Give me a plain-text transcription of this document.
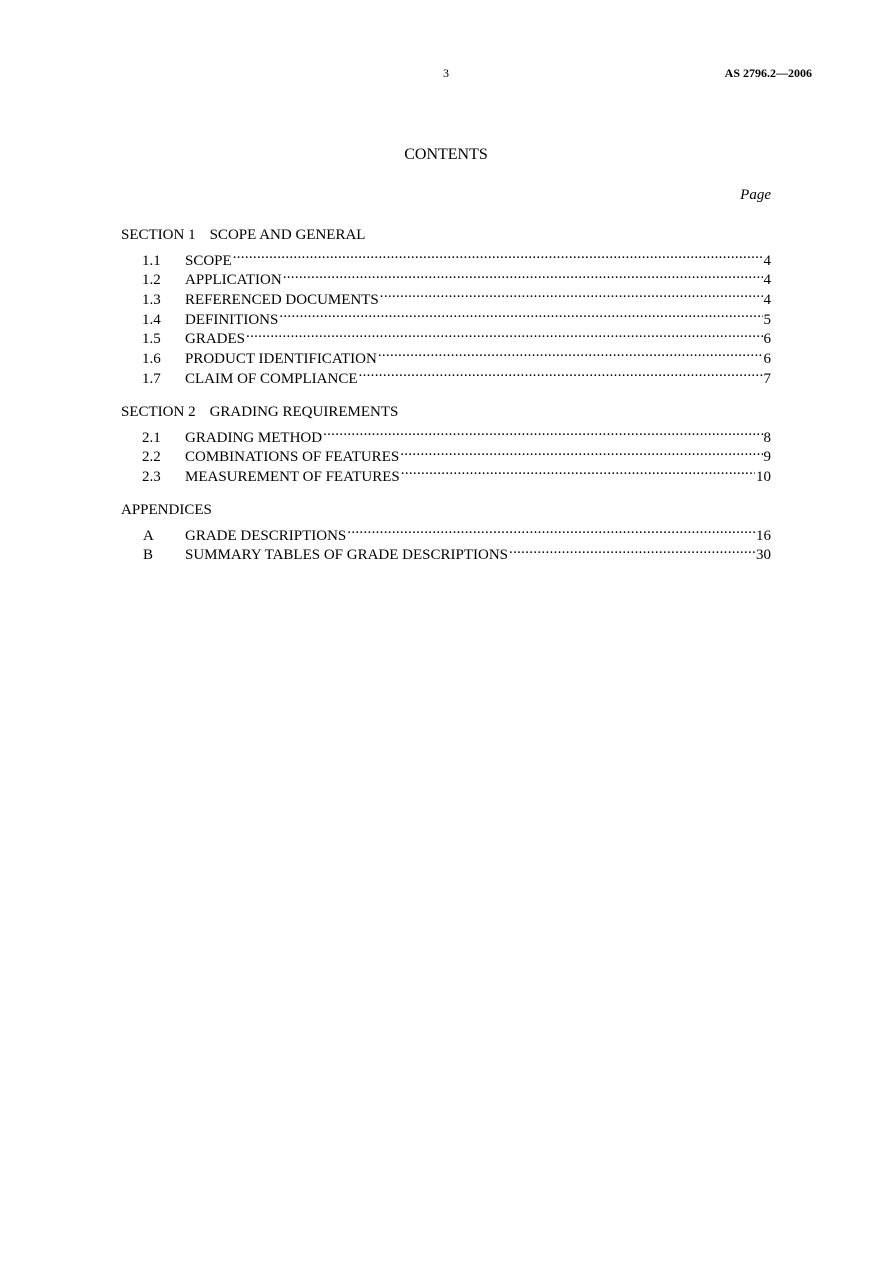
3	AS 2796.2—2006
CONTENTS
Page
SECTION 1 SCOPE AND GENERAL
1.1	SCOPE .....	4
1.2	APPLICATION .....	4
1.3	REFERENCED DOCUMENTS .....	4
1.4	DEFINITIONS .....	5
1.5	GRADES .....	6
1.6	PRODUCT IDENTIFICATION .....	6
1.7	CLAIM OF COMPLIANCE .....	7
SECTION 2 GRADING REQUIREMENTS
2.1	GRADING METHOD .....	8
2.2	COMBINATIONS OF FEATURES .....	9
2.3	MEASUREMENT OF FEATURES .....	10
APPENDICES
A	GRADE DESCRIPTIONS .....	16
B	SUMMARY TABLES OF GRADE DESCRIPTIONS .....	30
